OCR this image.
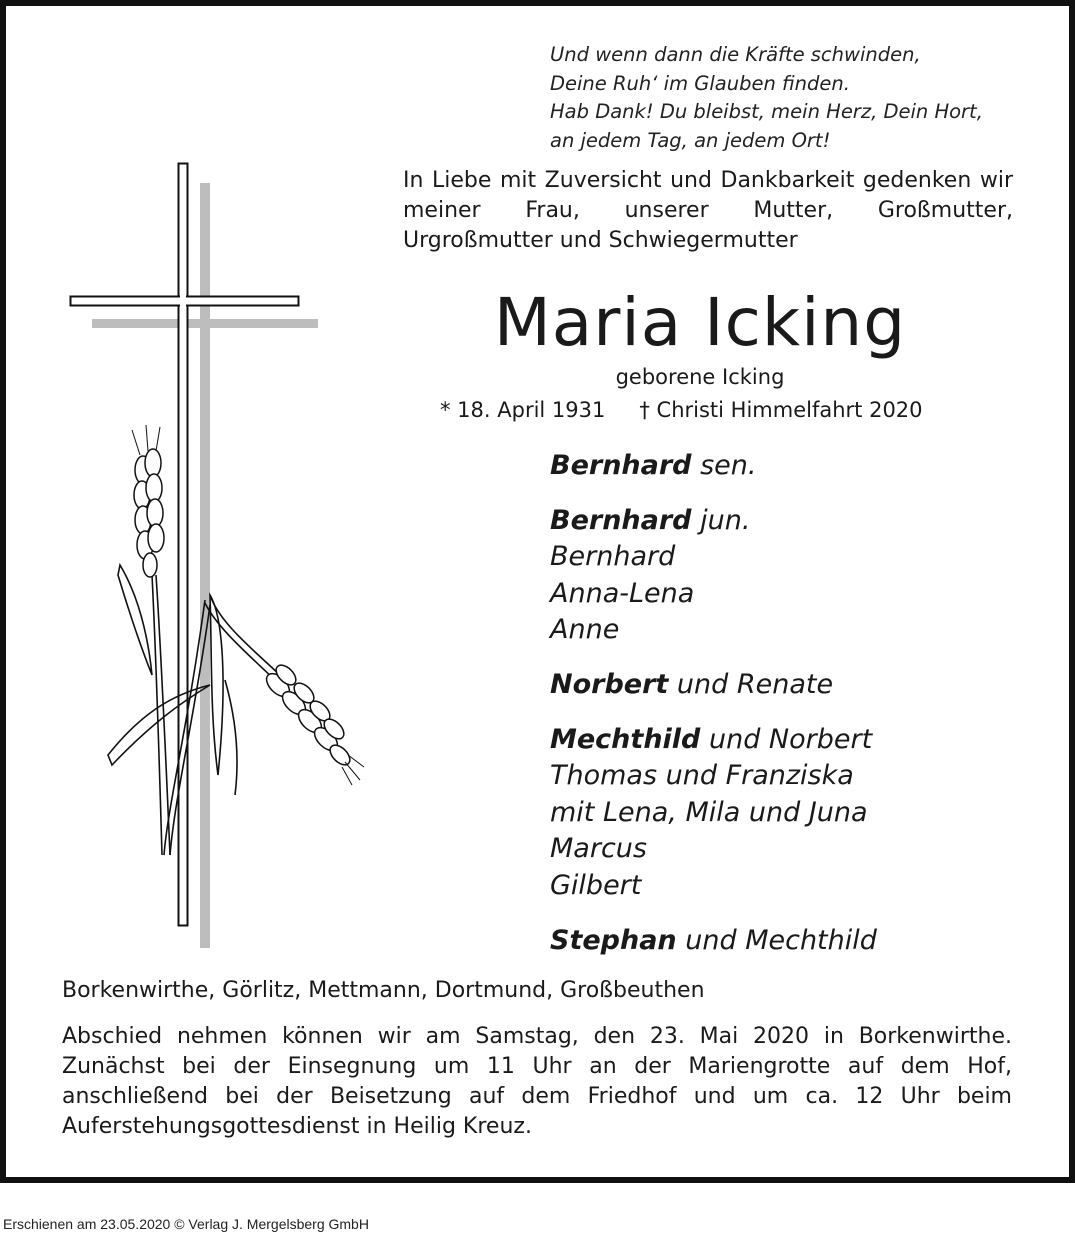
Und wenn dann die Kräfte schwinden,
Deine Ruh‘ im Glauben finden.
Hab Dank! Du bleibst, mein Herz, Dein Hort,
an jedem Tag, an jedem Ort!
In Liebe mit Zuversicht und Dankbarkeit gedenken wir meiner Frau, unserer Mutter, Großmutter, Urgroßmutter und Schwiegermutter
Maria Icking
geborene Icking
* 18. April 1931 † Christi Himmelfahrt 2020
Bernhard sen.
Bernhard jun.
Bernhard
Anna-Lena
Anne
Norbert und Renate
Mechthild und Norbert
Thomas und Franziska
mit Lena, Mila und Juna
Marcus
Gilbert
Stephan und Mechthild
Borkenwirthe, Görlitz, Mettmann, Dortmund, Großbeuthen
Abschied nehmen können wir am Samstag, den 23. Mai 2020 in Borkenwirthe. Zunächst bei der Einsegnung um 11 Uhr an der Mariengrotte auf dem Hof, anschließend bei der Beisetzung auf dem Friedhof und um ca. 12 Uhr beim Auferstehungsgottesdienst in Heilig Kreuz.
Erschienen am 23.05.2020 © Verlag J. Mergelsberg GmbH
